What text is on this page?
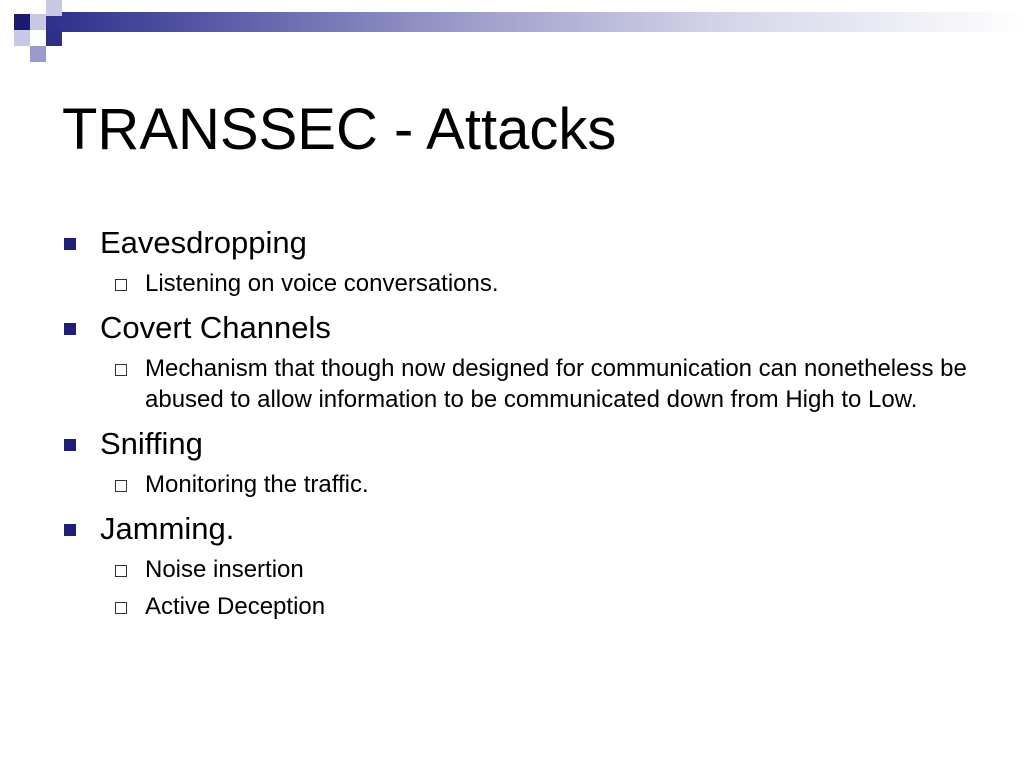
TRANSSEC - Attacks
Eavesdropping
Listening on voice conversations.
Covert Channels
Mechanism that though now designed for communication can nonetheless be abused to allow information to be communicated down from High to Low.
Sniffing
Monitoring the traffic.
Jamming.
Noise insertion
Active Deception
